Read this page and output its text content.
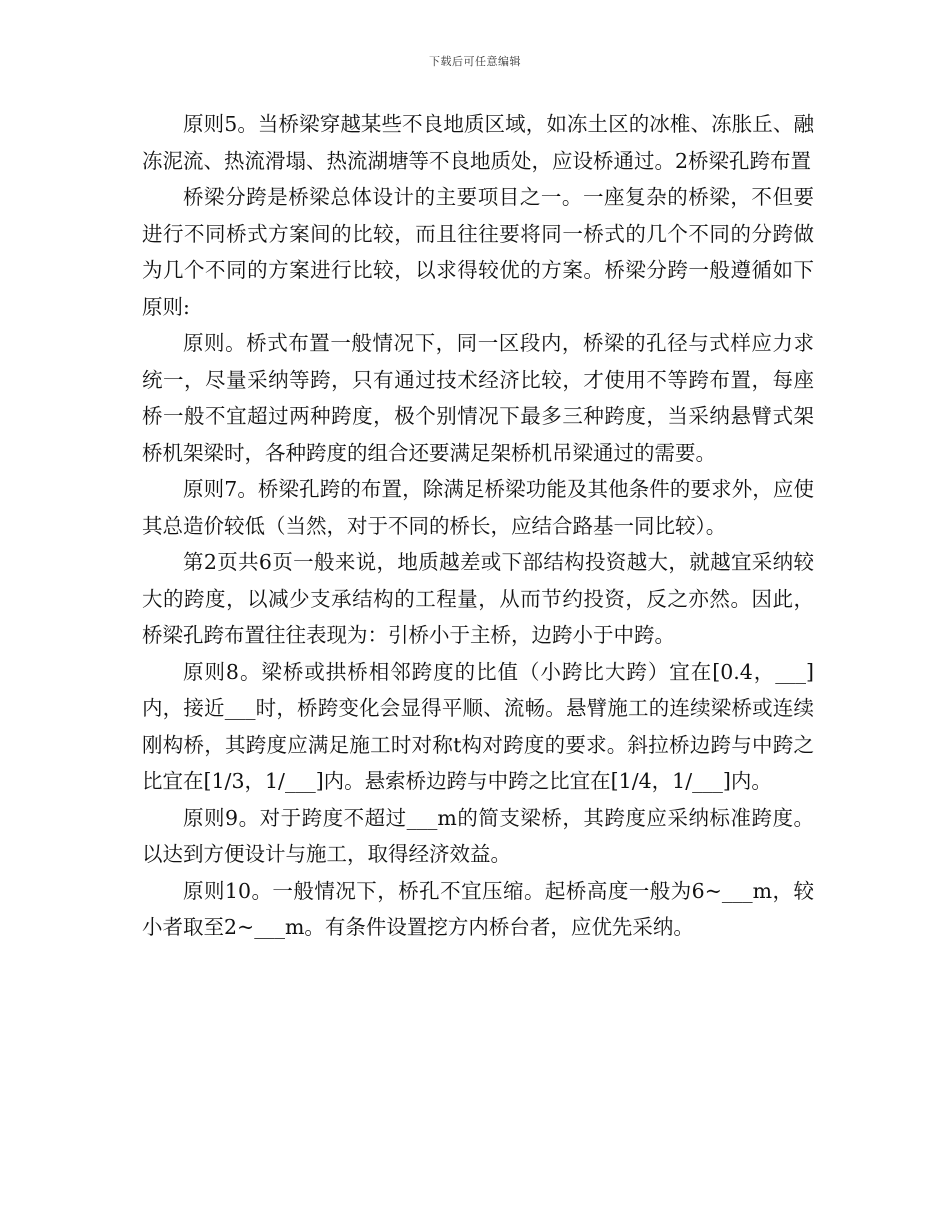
下载后可任意编辑

原则5。当桥梁穿越某些不良地质区域，如冻土区的冰椎、冻胀丘、融冻泥流、热流滑塌、热流湖塘等不良地质处，应设桥通过。2桥梁孔跨布置

桥梁分跨是桥梁总体设计的主要项目之一。一座复杂的桥梁，不但要进行不同桥式方案间的比较，而且往往要将同一桥式的几个不同的分跨做为几个不同的方案进行比较，以求得较优的方案。桥梁分跨一般遵循如下原则:

原则。桥式布置一般情况下，同一区段内，桥梁的孔径与式样应力求统一，尽量采纳等跨，只有通过技术经济比较，才使用不等跨布置，每座桥一般不宜超过两种跨度，极个别情况下最多三种跨度，当采纳悬臂式架桥机架梁时，各种跨度的组合还要满足架桥机吊梁通过的需要。

原则7。桥梁孔跨的布置，除满足桥梁功能及其他条件的要求外，应使其总造价较低（当然，对于不同的桥长，应结合路基一同比较）。

第2页共6页一般来说，地质越差或下部结构投资越大，就越宜采纳较大的跨度，以减少支承结构的工程量，从而节约投资，反之亦然。因此，桥梁孔跨布置往往表现为：引桥小于主桥，边跨小于中跨。

原则8。梁桥或拱桥相邻跨度的比值（小跨比大跨）宜在[0.4，___]内，接近___时，桥跨变化会显得平顺、流畅。悬臂施工的连续梁桥或连续刚构桥，其跨度应满足施工时对称t构对跨度的要求。斜拉桥边跨与中跨之比宜在[1/3，1/___]内。悬索桥边跨与中跨之比宜在[1/4，1/___]内。

原则9。对于跨度不超过___m的简支梁桥，其跨度应采纳标准跨度。以达到方便设计与施工，取得经济效益。

原则10。一般情况下，桥孔不宜压缩。起桥高度一般为6~___m，较小者取至2~___m。有条件设置挖方内桥台者，应优先采纳。
